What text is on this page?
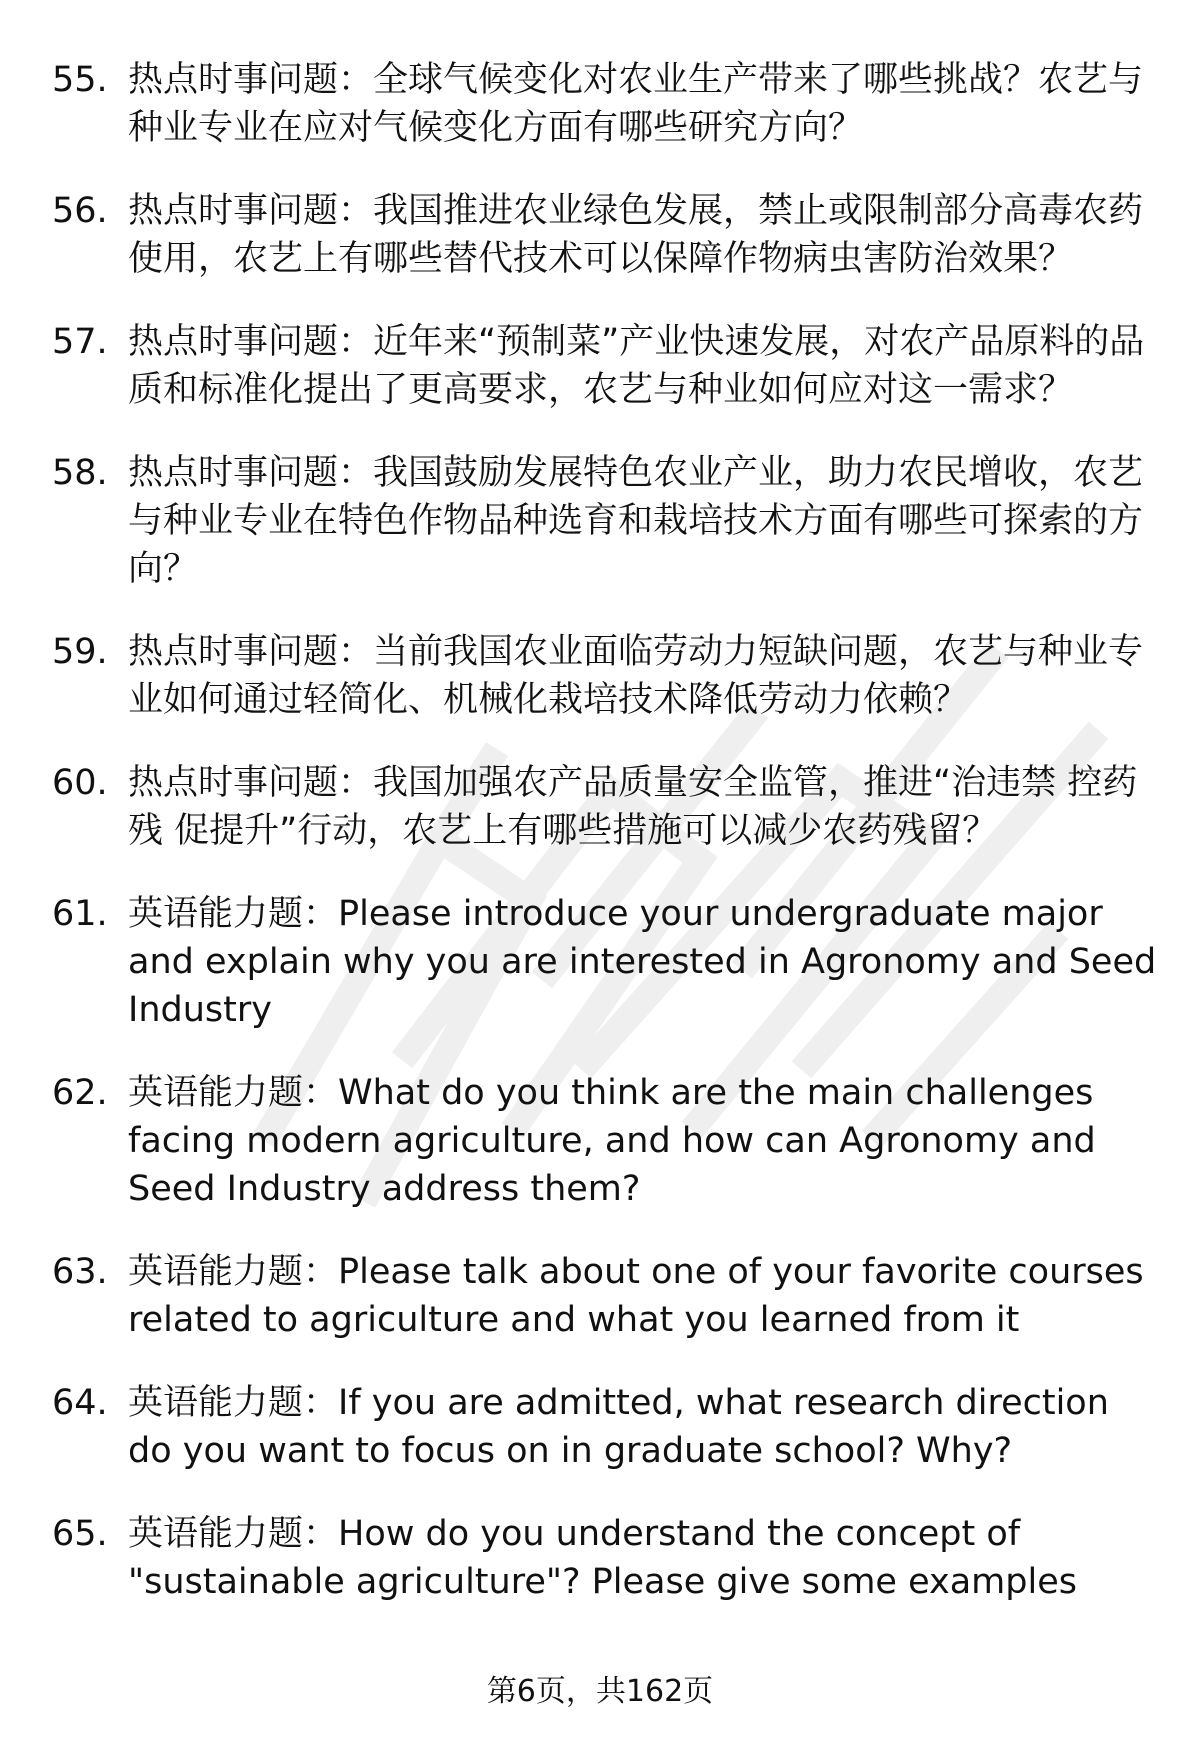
55. 热点时事问题：全球气候变化对农业生产带来了哪些挑战？农艺与种业专业在应对气候变化方面有哪些研究方向？
56. 热点时事问题：我国推进农业绿色发展，禁止或限制部分高毒农药使用，农艺上有哪些替代技术可以保障作物病虫害防治效果？
57. 热点时事问题：近年来“预制菜”产业快速发展，对农产品原料的品质和标准化提出了更高要求，农艺与种业如何应对这一需求？
58. 热点时事问题：我国鼓励发展特色农业产业，助力农民增收，农艺与种业专业在特色作物品种选育和栽培技术方面有哪些可探索的方向？
59. 热点时事问题：当前我国农业面临劳动力短缺问题，农艺与种业专业如何通过轻简化、机械化栽培技术降低劳动力依赖？
60. 热点时事问题：我国加强农产品质量安全监管，推进“治违禁 控药残 促提升”行动，农艺上有哪些措施可以减少农药残留？
61. 英语能力题：Please introduce your undergraduate major and explain why you are interested in Agronomy and Seed Industry
62. 英语能力题：What do you think are the main challenges facing modern agriculture, and how can Agronomy and Seed Industry address them?
63. 英语能力题：Please talk about one of your favorite courses related to agriculture and what you learned from it
64. 英语能力题：If you are admitted, what research direction do you want to focus on in graduate school? Why?
65. 英语能力题：How do you understand the concept of "sustainable agriculture"? Please give some examples
第6页，共162页
